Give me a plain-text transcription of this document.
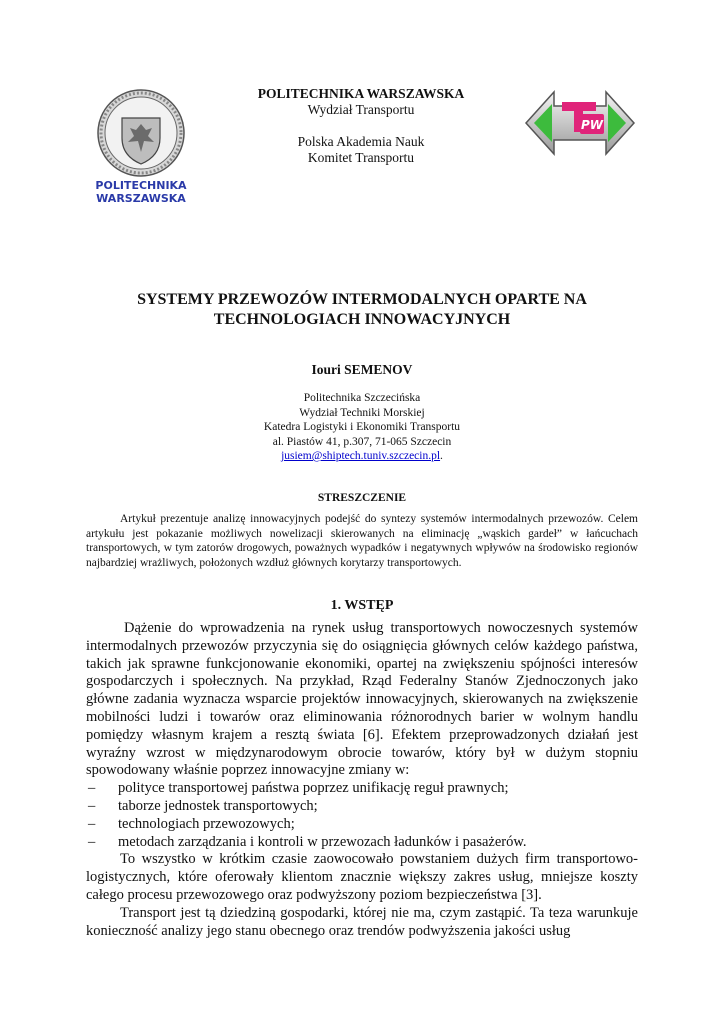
POLITECHNIKA
WARSZAWSKA
POLITECHNIKA WARSZAWSKA
Wydział Transportu
Polska Akademia Nauk
Komitet Transportu
PW
SYSTEMY PRZEWOZÓW INTERMODALNYCH OPARTE NA
TECHNOLOGIACH INNOWACYJNYCH
Iouri SEMENOV
Politechnika Szczecińska
Wydział Techniki Morskiej
Katedra Logistyki i Ekonomiki Transportu
al. Piastów 41, p.307, 71-065 Szczecin
jusiem@shiptech.tuniv.szczecin.pl.
STRESZCZENIE
Artykuł prezentuje analizę innowacyjnych podejść do syntezy systemów intermodalnych przewozów. Celem artykułu jest pokazanie możliwych nowelizacji skierowanych na eliminację „wąskich gardeł” w łańcuchach transportowych, w tym zatorów drogowych, poważnych wypadków i negatywnych wpływów na środowisko regionów najbardziej wrażliwych, położonych wzdłuż głównych korytarzy transportowych.
1. WSTĘP

Dążenie do wprowadzenia na rynek usług transportowych nowoczesnych systemów intermodalnych przewozów przyczynia się do osiągnięcia głównych celów każdego państwa, takich jak sprawne funkcjonowanie ekonomiki, opartej na zwiększeniu spójności interesów gospodarczych i społecznych. Na przykład, Rząd Federalny Stanów Zjednoczonych jako główne zadania wyznacza wsparcie projektów innowacyjnych, skierowanych na zwiększenie mobilności ludzi i towarów oraz eliminowania różnorodnych barier w wolnym handlu pomiędzy własnym krajem a resztą świata [6]. Efektem przeprowadzonych działań jest wyraźny wzrost w międzynarodowym obrocie towarów, który był w dużym stopniu spowodowany właśnie poprzez innowacyjne zmiany w:

– polityce transportowej państwa poprzez unifikację reguł prawnych;
– taborze jednostek transportowych;
– technologiach przewozowych;
– metodach zarządzania i kontroli w przewozach ładunków i pasażerów.

To wszystko w krótkim czasie zaowocowało powstaniem dużych firm transportowo-logistycznych, które oferowały klientom znacznie większy zakres usług, mniejsze koszty całego procesu przewozowego oraz podwyższony poziom bezpieczeństwa [3].

Transport jest tą dziedziną gospodarki, której nie ma, czym zastąpić. Ta teza warunkuje konieczność analizy jego stanu obecnego oraz trendów podwyższenia jakości usług
